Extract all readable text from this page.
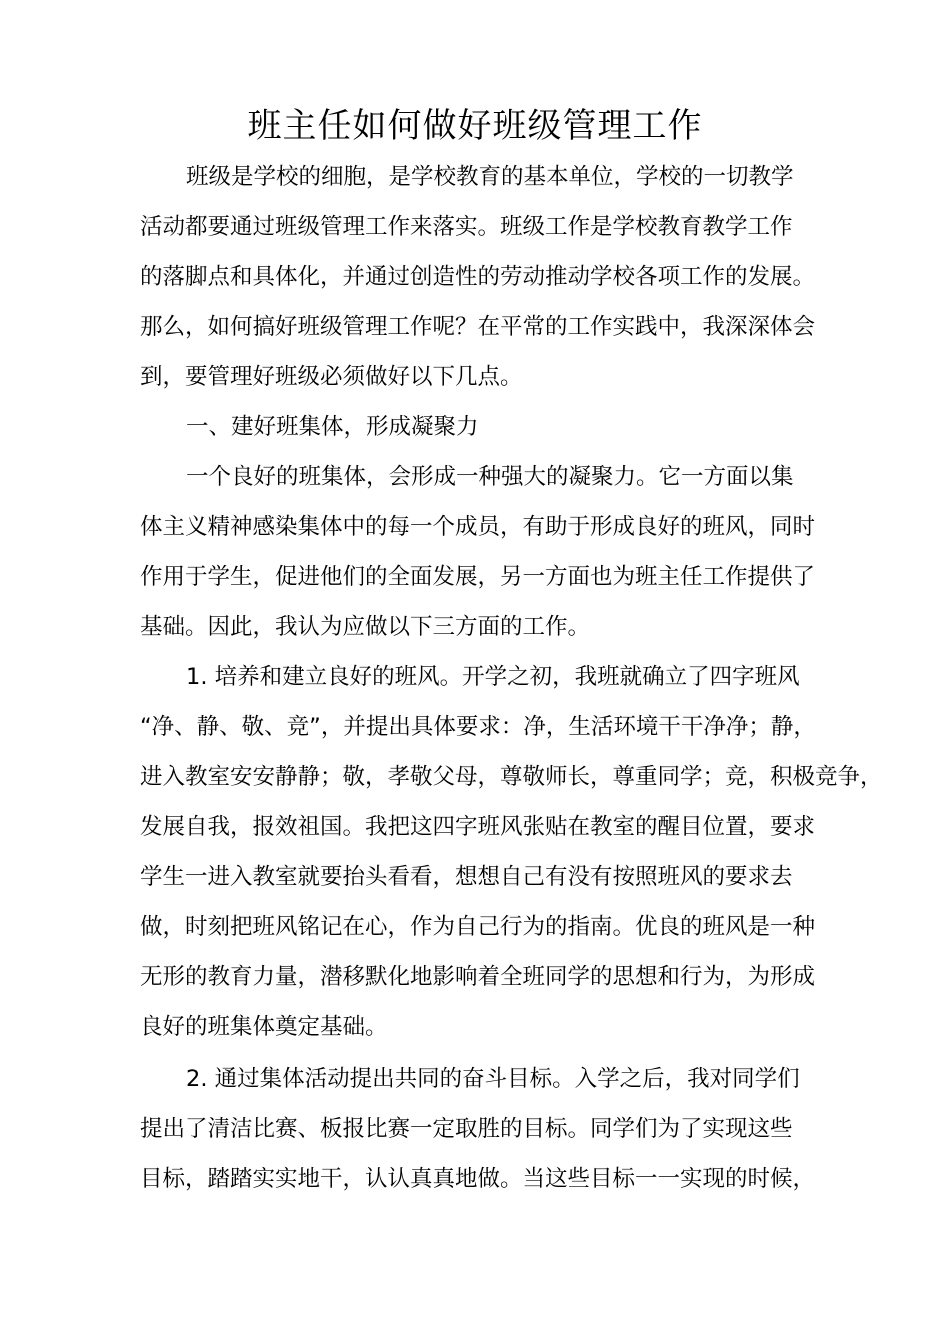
班主任如何做好班级管理工作
班级是学校的细胞，是学校教育的基本单位，学校的一切教学
活动都要通过班级管理工作来落实。班级工作是学校教育教学工作
的落脚点和具体化，并通过创造性的劳动推动学校各项工作的发展。
那么，如何搞好班级管理工作呢？在平常的工作实践中，我深深体会
到，要管理好班级必须做好以下几点。
一、建好班集体，形成凝聚力
一个良好的班集体，会形成一种强大的凝聚力。它一方面以集
体主义精神感染集体中的每一个成员，有助于形成良好的班风，同时
作用于学生，促进他们的全面发展，另一方面也为班主任工作提供了
基础。因此，我认为应做以下三方面的工作。
1. 培养和建立良好的班风。开学之初，我班就确立了四字班风
“净、静、敬、竞”，并提出具体要求：净，生活环境干干净净；静，
进入教室安安静静；敬，孝敬父母，尊敬师长，尊重同学；竞，积极竞争，
发展自我，报效祖国。我把这四字班风张贴在教室的醒目位置，要求
学生一进入教室就要抬头看看，想想自己有没有按照班风的要求去
做，时刻把班风铭记在心，作为自己行为的指南。优良的班风是一种
无形的教育力量，潜移默化地影响着全班同学的思想和行为，为形成
良好的班集体奠定基础。
2. 通过集体活动提出共同的奋斗目标。入学之后，我对同学们
提出了清洁比赛、板报比赛一定取胜的目标。同学们为了实现这些
目标，踏踏实实地干，认认真真地做。当这些目标一一实现的时候，
